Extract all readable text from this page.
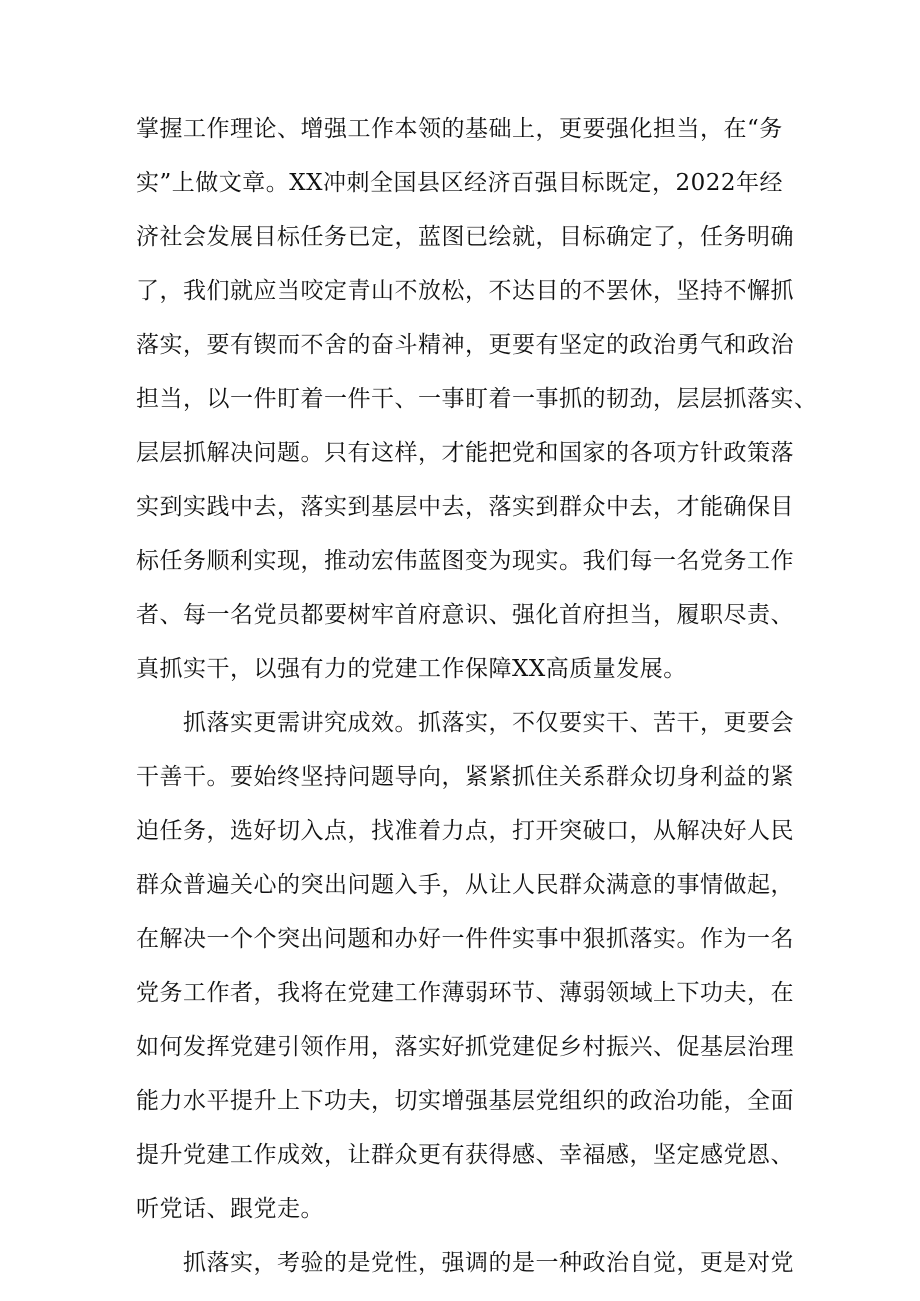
掌握工作理论、增强工作本领的基础上，更要强化担当，在“务
实”上做文章。XX冲刺全国县区经济百强目标既定，2022年经
济社会发展目标任务已定，蓝图已绘就，目标确定了，任务明确
了，我们就应当咬定青山不放松，不达目的不罢休，坚持不懈抓
落实，要有锲而不舍的奋斗精神，更要有坚定的政治勇气和政治
担当，以一件盯着一件干、一事盯着一事抓的韧劲，层层抓落实、
层层抓解决问题。只有这样，才能把党和国家的各项方针政策落
实到实践中去，落实到基层中去，落实到群众中去，才能确保目
标任务顺利实现，推动宏伟蓝图变为现实。我们每一名党务工作
者、每一名党员都要树牢首府意识、强化首府担当，履职尽责、
真抓实干，以强有力的党建工作保障XX高质量发展。
抓落实更需讲究成效。抓落实，不仅要实干、苦干，更要会
干善干。要始终坚持问题导向，紧紧抓住关系群众切身利益的紧
迫任务，选好切入点，找准着力点，打开突破口，从解决好人民
群众普遍关心的突出问题入手，从让人民群众满意的事情做起，
在解决一个个突出问题和办好一件件实事中狠抓落实。作为一名
党务工作者，我将在党建工作薄弱环节、薄弱领域上下功夫，在
如何发挥党建引领作用，落实好抓党建促乡村振兴、促基层治理
能力水平提升上下功夫，切实增强基层党组织的政治功能，全面
提升党建工作成效，让群众更有获得感、幸福感，坚定感党恩、
听党话、跟党走。
抓落实，考验的是党性，强调的是一种政治自觉，更是对党
